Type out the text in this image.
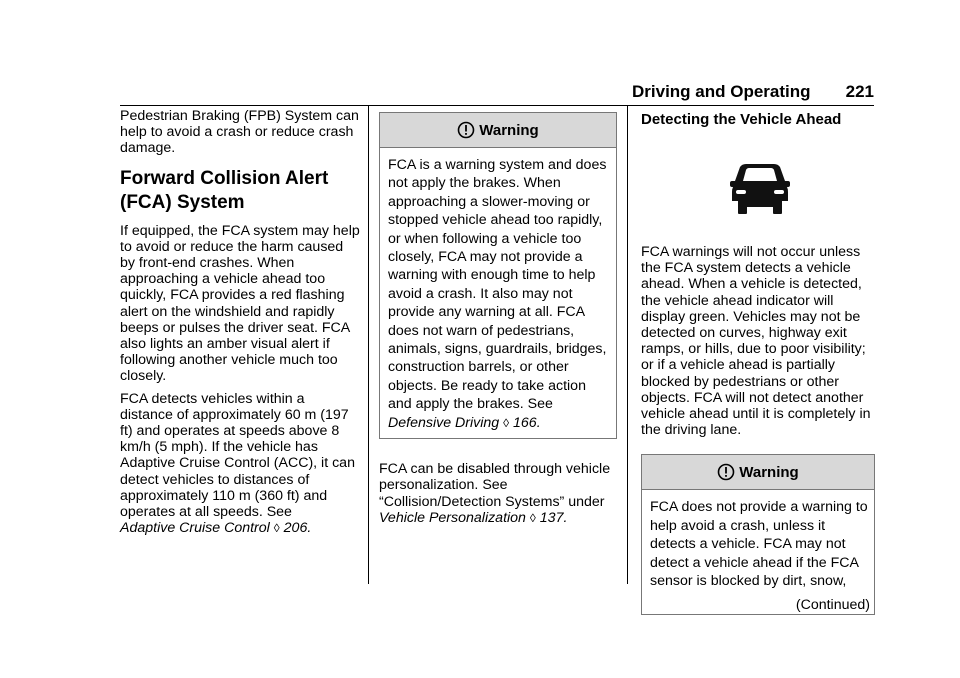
Driving and Operating 221

Pedestrian Braking (FPB) System can help to avoid a crash or reduce crash damage.

Forward Collision Alert
(FCA) System

If equipped, the FCA system may help to avoid or reduce the harm caused by front-end crashes. When approaching a vehicle ahead too quickly, FCA provides a red flashing alert on the windshield and rapidly beeps or pulses the driver seat. FCA also lights an amber visual alert if following another vehicle much too closely.

FCA detects vehicles within a distance of approximately 60 m (197 ft) and operates at speeds above 8 km/h (5 mph). If the vehicle has Adaptive Cruise Control (ACC), it can detect vehicles to distances of approximately 110 m (360 ft) and operates at all speeds. See
Adaptive Cruise Control ◊ 206.

Warning
FCA is a warning system and does not apply the brakes. When approaching a slower-moving or stopped vehicle ahead too rapidly, or when following a vehicle too closely, FCA may not provide a warning with enough time to help avoid a crash. It also may not provide any warning at all. FCA does not warn of pedestrians, animals, signs, guardrails, bridges, construction barrels, or other objects. Be ready to take action and apply the brakes. See
Defensive Driving ◊ 166.

FCA can be disabled through vehicle personalization. See “Collision/Detection Systems” under
Vehicle Personalization ◊ 137.

Detecting the Vehicle Ahead

FCA warnings will not occur unless the FCA system detects a vehicle ahead. When a vehicle is detected, the vehicle ahead indicator will display green. Vehicles may not be detected on curves, highway exit ramps, or hills, due to poor visibility; or if a vehicle ahead is partially blocked by pedestrians or other objects. FCA will not detect another vehicle ahead until it is completely in the driving lane.

Warning
FCA does not provide a warning to help avoid a crash, unless it detects a vehicle. FCA may not detect a vehicle ahead if the FCA sensor is blocked by dirt, snow,
(Continued)
